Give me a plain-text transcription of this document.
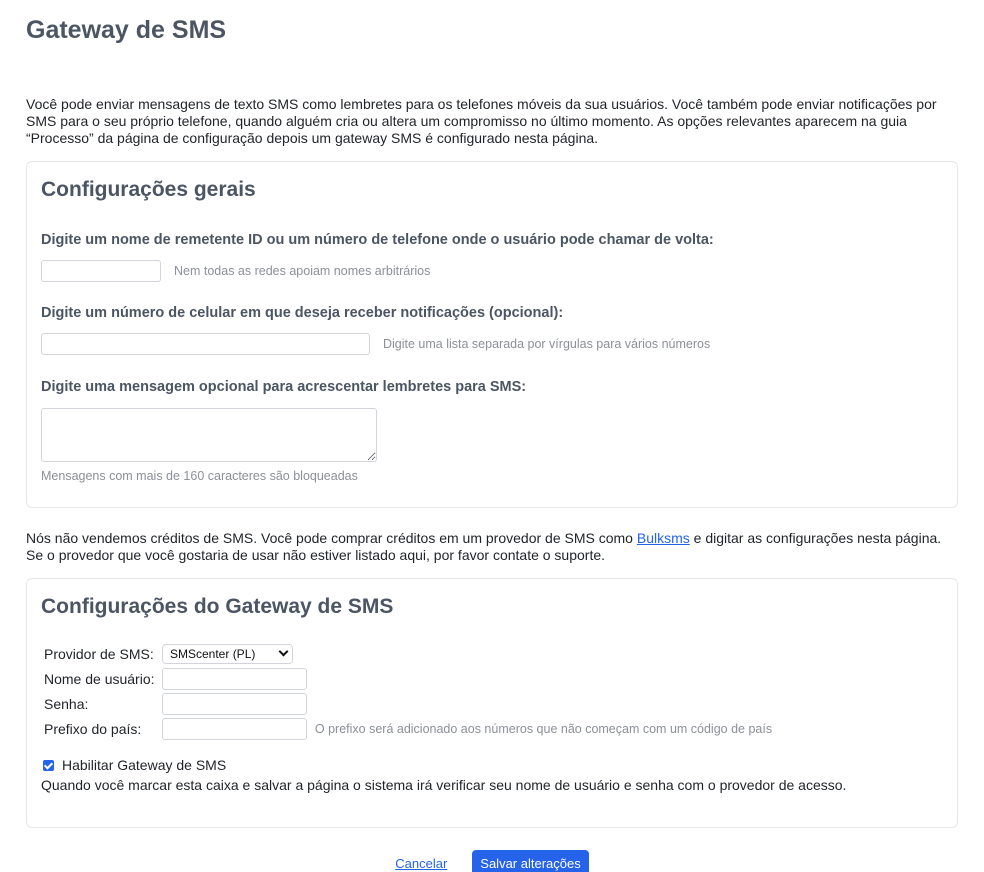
Gateway de SMS

Você pode enviar mensagens de texto SMS como lembretes para os telefones móveis da sua usuários. Você também pode enviar notificações por SMS para o seu próprio telefone, quando alguém cria ou altera um compromisso no último momento. As opções relevantes aparecem na guia “Processo” da página de configuração depois um gateway SMS é configurado nesta página.

Configurações gerais

Digite um nome de remetente ID ou um número de telefone onde o usuário pode chamar de volta:

Nem todas as redes apoiam nomes arbitrários

Digite um número de celular em que deseja receber notificações (opcional):

Digite uma lista separada por vírgulas para vários números

Digite uma mensagem opcional para acrescentar lembretes para SMS:

Mensagens com mais de 160 caracteres são bloqueadas

Nós não vendemos créditos de SMS. Você pode comprar créditos em um provedor de SMS como Bulksms e digitar as configurações nesta página. Se o provedor que você gostaria de usar não estiver listado aqui, por favor contate o suporte.

Configurações do Gateway de SMS
Providor de SMS:	SMScenter (PL)

Nome de usuário:	
Senha:	
Prefixo do país:	O prefixo será adicionado aos números que não começam com um código de país
Habilitar Gateway de SMS
Quando você marcar esta caixa e salvar a página o sistema irá verificar seu nome de usuário e senha com o provedor de acesso.
Cancelar	Salvar alterações
